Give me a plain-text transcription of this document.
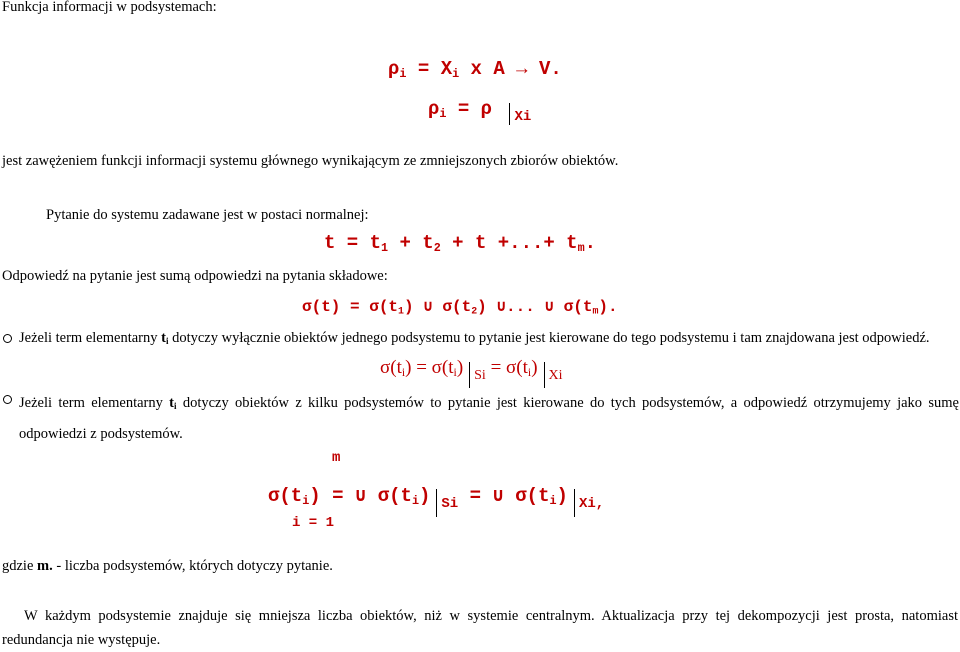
Funkcja informacji w podsystemach:
$\rho_i = X_i$ x A → V.
$\rho_i = \rho$ $_{Xi}$
jest zawężeniem funkcji informacji systemu głównego wynikającym ze zmniejszonych zbiorów obiektów.
Pytanie do systemu zadawane jest w postaci normalnej:
$t = t_1 + t_2 + t$ +...+ $t_m$.
Odpowiedź na pytanie jest sumą odpowiedzi na pytania składowe:
$\sigma(t) = \sigma(t_1)$ ∪ $\sigma(t_2)$ ∪... ∪ $\sigma(t_m)$.
Jeżeli term elementarny $t_i$ dotyczy wyłącznie obiektów jednego podsystemu to pytanie jest kierowane do tego podsystemu i tam znajdowana jest odpowiedź.
$\sigma(t_i) = \sigma(t_i) _{Si} = \sigma(t_i)$ $_{Xi}$
Jeżeli term elementarny $t_i$ dotyczy obiektów z kilku podsystemów to pytanie jest kierowane do tych podsystemów, a odpowiedź otrzymujemy jako sumę odpowiedzi z podsystemów.
m
$\sigma(t_i)$ = ∪ $\sigma(t_i) _{Si}$ = ∪ $\sigma(t_i)$ $_{Xi,}$
i = 1
gdzie m. - liczba podsystemów, których dotyczy pytanie.
W każdym podsystemie znajduje się mniejsza liczba obiektów, niż w systemie centralnym. Aktualizacja przy tej dekompozycji jest prosta, natomiast redundancja nie występuje.
